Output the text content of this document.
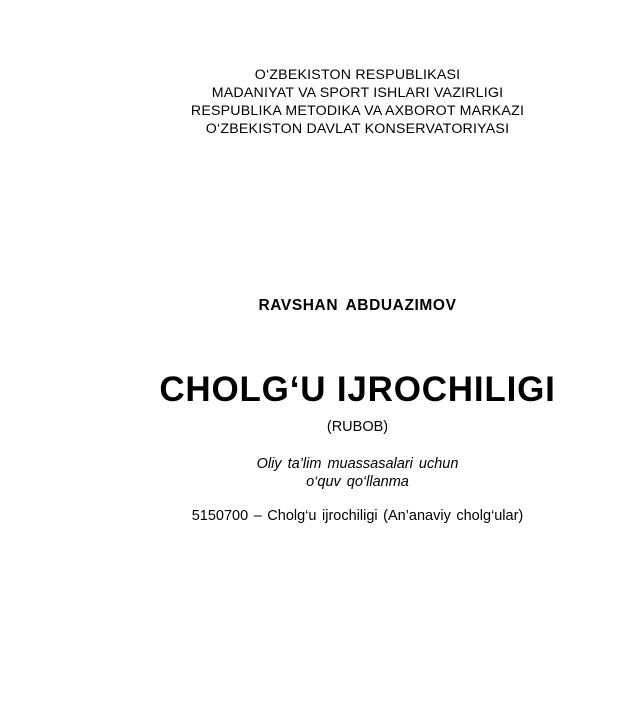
O‘ZBEKISTON RESPUBLIKASI
MADANIYAT VA SPORT ISHLARI VAZIRLIGI
RESPUBLIKA METODIKA VA AXBOROT MARKAZI
O‘ZBEKISTON DAVLAT KONSERVATORIYASI
RAVSHAN ABDUAZIMOV
CHOLG‘U IJROCHILIGI
(RUBOB)
Oliy ta’lim muassasalari uchun
o‘quv qo‘llanma
5150700 – Cholg‘u ijrochiligi (An’anaviy cholg‘ular)
